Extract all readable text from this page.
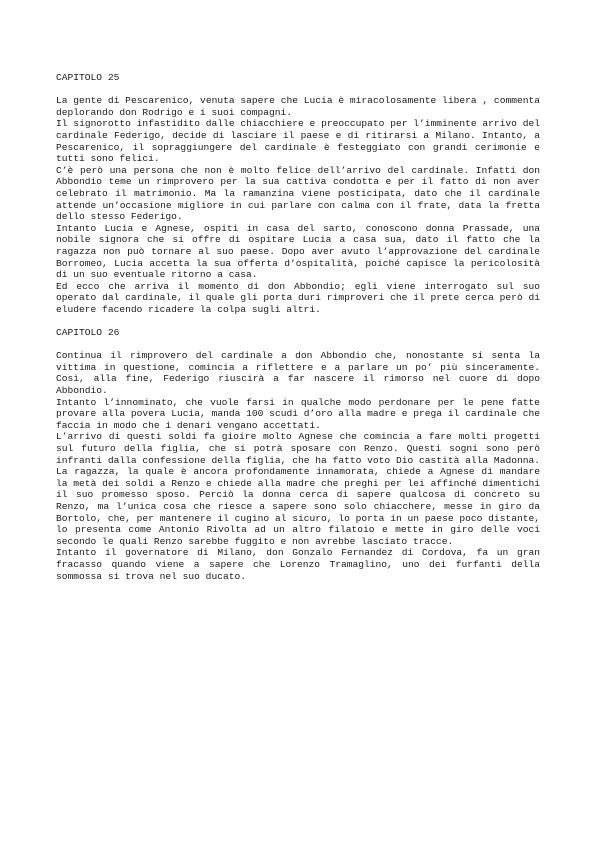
CAPITOLO 25

La gente di Pescarenico, venuta sapere che Lucia è miracolosamente libera , commenta deplorando don Rodrigo e i suoi compagni.

Il signorotto infastidito dalle chiacchiere e preoccupato per l’imminente arrivo del cardinale Federigo, decide di lasciare il paese e di ritirarsi a Milano. Intanto, a Pescarenico, il sopraggiungere del cardinale è festeggiato con grandi cerimonie e tutti sono felici.

C’è però una persona che non è molto felice dell’arrivo del cardinale. Infatti don Abbondio teme un rimprovero per la sua cattiva condotta e per il fatto di non aver celebrato il matrimonio. Ma la ramanzina viene posticipata, dato che il cardinale attende un’occasione migliore in cui parlare con calma con il frate, data la fretta dello stesso Federigo.

Intanto Lucia e Agnese, ospiti in casa del sarto, conoscono donna Prassade, una nobile signora che si offre di ospitare Lucia a casa sua, dato il fatto che la ragazza non può tornare al suo paese. Dopo aver avuto l’approvazione del cardinale Borromeo, Lucia accetta la sua offerta d’ospitalità, poiché capisce la pericolosità di un suo eventuale ritorno a casa.

Ed ecco che arriva il momento di don Abbondio; egli viene interrogato sul suo operato dal cardinale, il quale gli porta duri rimproveri che il prete cerca però di eludere facendo ricadere la colpa sugli altri.

CAPITOLO 26

Continua il rimprovero del cardinale a don Abbondio che, nonostante si senta la vittima in questione, comincia a riflettere e a parlare un po’ più sinceramente. Così, alla fine, Federigo riuscirà a far nascere il rimorso nel cuore di dopo Abbondio.

Intanto l’innominato, che vuole farsi in qualche modo perdonare per le pene fatte provare alla povera Lucia, manda 100 scudi d’oro alla madre e prega il cardinale che faccia in modo che i denari vengano accettati.

L’arrivo di questi soldi fa gioire molto Agnese che comincia a fare molti progetti sul futuro della figlia, che si potrà sposare con Renzo. Questi sogni sono però infranti dalla confessione della figlia, che ha fatto voto Dio castità alla Madonna. La ragazza, la quale è ancora profondamente innamorata, chiede a Agnese di mandare la metà dei soldi a Renzo e chiede alla madre che preghi per lei affinché dimentichi il suo promesso sposo. Perciò la donna cerca di sapere qualcosa di concreto su Renzo, ma l’unica cosa che riesce a sapere sono solo chiacchere, messe in giro da Bortolo, che, per mantenere il cugino al sicuro, lo porta in un paese poco distante, lo presenta come Antonio Rivolta ad un altro filatoio e mette in giro delle voci secondo le quali Renzo sarebbe fuggito e non avrebbe lasciato tracce.

Intanto il governatore di Milano, don Gonzalo Fernandez di Cordova, fa un gran fracasso quando viene a sapere che Lorenzo Tramaglino, uno dei furfanti della sommossa si trova nel suo ducato.
